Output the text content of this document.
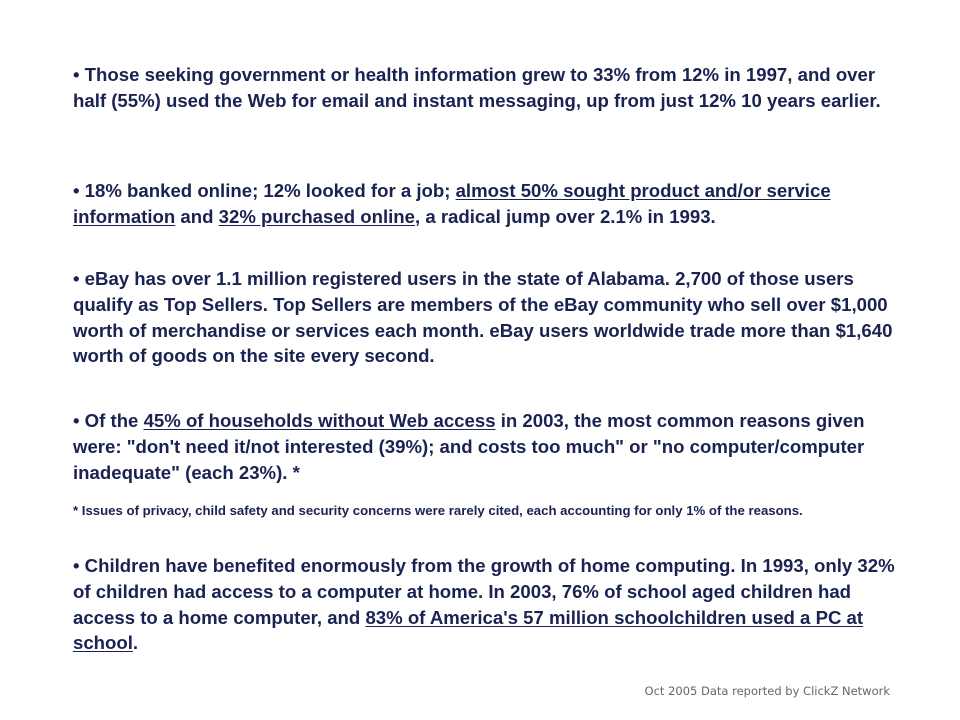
• Those seeking government or health information grew to 33% from 12% in 1997, and over half (55%) used the Web for email and instant messaging, up from just 12% 10 years earlier.

• 18% banked online; 12% looked for a job; almost 50% sought product and/or service information and 32% purchased online, a radical jump over 2.1% in 1993.

• eBay has over 1.1 million registered users in the state of Alabama. 2,700 of those users qualify as Top Sellers. Top Sellers are members of the eBay community who sell over $1,000 worth of merchandise or services each month. eBay users worldwide trade more than $1,640 worth of goods on the site every second.

• Of the 45% of households without Web access in 2003, the most common reasons given were: "don't need it/not interested (39%); and costs too much" or "no computer/computer inadequate" (each 23%). *

* Issues of privacy, child safety and security concerns were rarely cited, each accounting for only 1% of the reasons.

• Children have benefited enormously from the growth of home computing. In 1993, only 32% of children had access to a computer at home. In 2003, 76% of school aged children had access to a home computer, and 83% of America's 57 million schoolchildren used a PC at school.

Oct 2005 Data reported by ClickZ Network
